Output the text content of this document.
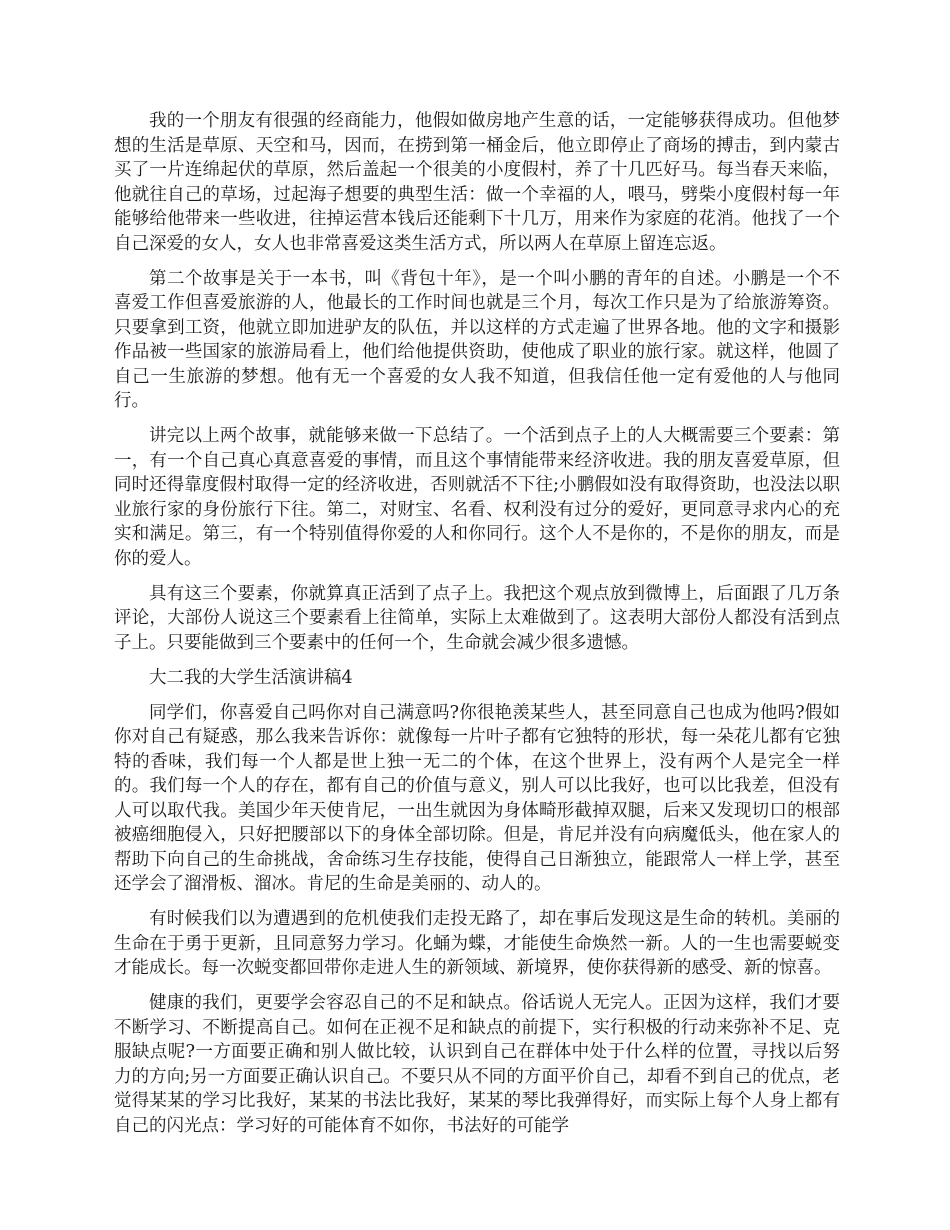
我的一个朋友有很强的经商能力，他假如做房地产生意的话，一定能够获得成功。但他梦想的生活是草原、天空和马，因而，在捞到第一桶金后，他立即停止了商场的搏击，到内蒙古买了一片连绵起伏的草原，然后盖起一个很美的小度假村，养了十几匹好马。每当春天来临，他就往自己的草场，过起海子想要的典型生活：做一个幸福的人，喂马，劈柴小度假村每一年能够给他带来一些收进，往掉运营本钱后还能剩下十几万，用来作为家庭的花消。他找了一个自己深爱的女人，女人也非常喜爱这类生活方式，所以两人在草原上留连忘返。

第二个故事是关于一本书，叫《背包十年》，是一个叫小鹏的青年的自述。小鹏是一个不喜爱工作但喜爱旅游的人，他最长的工作时间也就是三个月，每次工作只是为了给旅游筹资。只要拿到工资，他就立即加进驴友的队伍，并以这样的方式走遍了世界各地。他的文字和摄影作品被一些国家的旅游局看上，他们给他提供资助，使他成了职业的旅行家。就这样，他圆了自己一生旅游的梦想。他有无一个喜爱的女人我不知道，但我信任他一定有爱他的人与他同行。

讲完以上两个故事，就能够来做一下总结了。一个活到点子上的人大概需要三个要素：第一，有一个自己真心真意喜爱的事情，而且这个事情能带来经济收进。我的朋友喜爱草原，但同时还得靠度假村取得一定的经济收进，否则就活不下往;小鹏假如没有取得资助，也没法以职业旅行家的身份旅行下往。第二，对财宝、名看、权利没有过分的爱好，更同意寻求内心的充实和满足。第三，有一个特别值得你爱的人和你同行。这个人不是你的，不是你的朋友，而是你的爱人。

具有这三个要素，你就算真正活到了点子上。我把这个观点放到微博上，后面跟了几万条评论，大部份人说这三个要素看上往简单，实际上太难做到了。这表明大部份人都没有活到点子上。只要能做到三个要素中的任何一个，生命就会减少很多遗憾。

大二我的大学生活演讲稿4

同学们，你喜爱自己吗你对自己满意吗?你很艳羡某些人，甚至同意自己也成为他吗?假如你对自己有疑惑，那么我来告诉你：就像每一片叶子都有它独特的形状，每一朵花儿都有它独特的香味，我们每一个人都是世上独一无二的个体，在这个世界上，没有两个人是完全一样的。我们每一个人的存在，都有自己的价值与意义，别人可以比我好，也可以比我差，但没有人可以取代我。美国少年天使肯尼，一出生就因为身体畸形截掉双腿，后来又发现切口的根部被癌细胞侵入，只好把腰部以下的身体全部切除。但是，肯尼并没有向病魔低头，他在家人的帮助下向自己的生命挑战，舍命练习生存技能，使得自己日渐独立，能跟常人一样上学，甚至还学会了溜滑板、溜冰。肯尼的生命是美丽的、动人的。

有时候我们以为遭遇到的危机使我们走投无路了，却在事后发现这是生命的转机。美丽的生命在于勇于更新，且同意努力学习。化蛹为蝶，才能使生命焕然一新。人的一生也需要蜕变才能成长。每一次蜕变都回带你走进人生的新领域、新境界，使你获得新的感受、新的惊喜。

健康的我们，更要学会容忍自己的不足和缺点。俗话说人无完人。正因为这样，我们才要不断学习、不断提高自己。如何在正视不足和缺点的前提下，实行积极的行动来弥补不足、克服缺点呢?一方面要正确和别人做比较，认识到自己在群体中处于什么样的位置，寻找以后努力的方向;另一方面要正确认识自己。不要只从不同的方面平价自己，却看不到自己的优点，老觉得某某的学习比我好，某某的书法比我好，某某的琴比我弹得好，而实际上每个人身上都有自己的闪光点：学习好的可能体育不如你，书法好的可能学
